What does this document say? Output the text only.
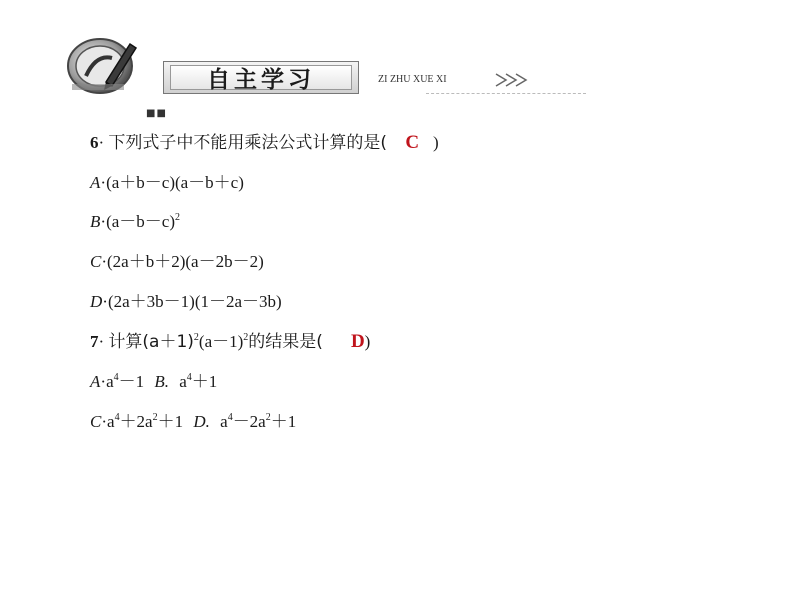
■■
自主学习	ZI ZHU XUE XI
6· 下列式子中不能用乘法公式计算的是( C )
A·(a＋b－c)(a－b＋c)
$B\cdot(a-b-c)^2$
C·(2a＋b＋2)(a－2b－2)
D·(2a＋3b－1)(1－2a－3b)
7· 计算$(a+1)^2(a-1)^2$的结果是( D)
$A\cdot a^4-1$ B. $a^4+1$
$C\cdot a^4+2a^2+1$ D. $a^4-2a^2+1$
